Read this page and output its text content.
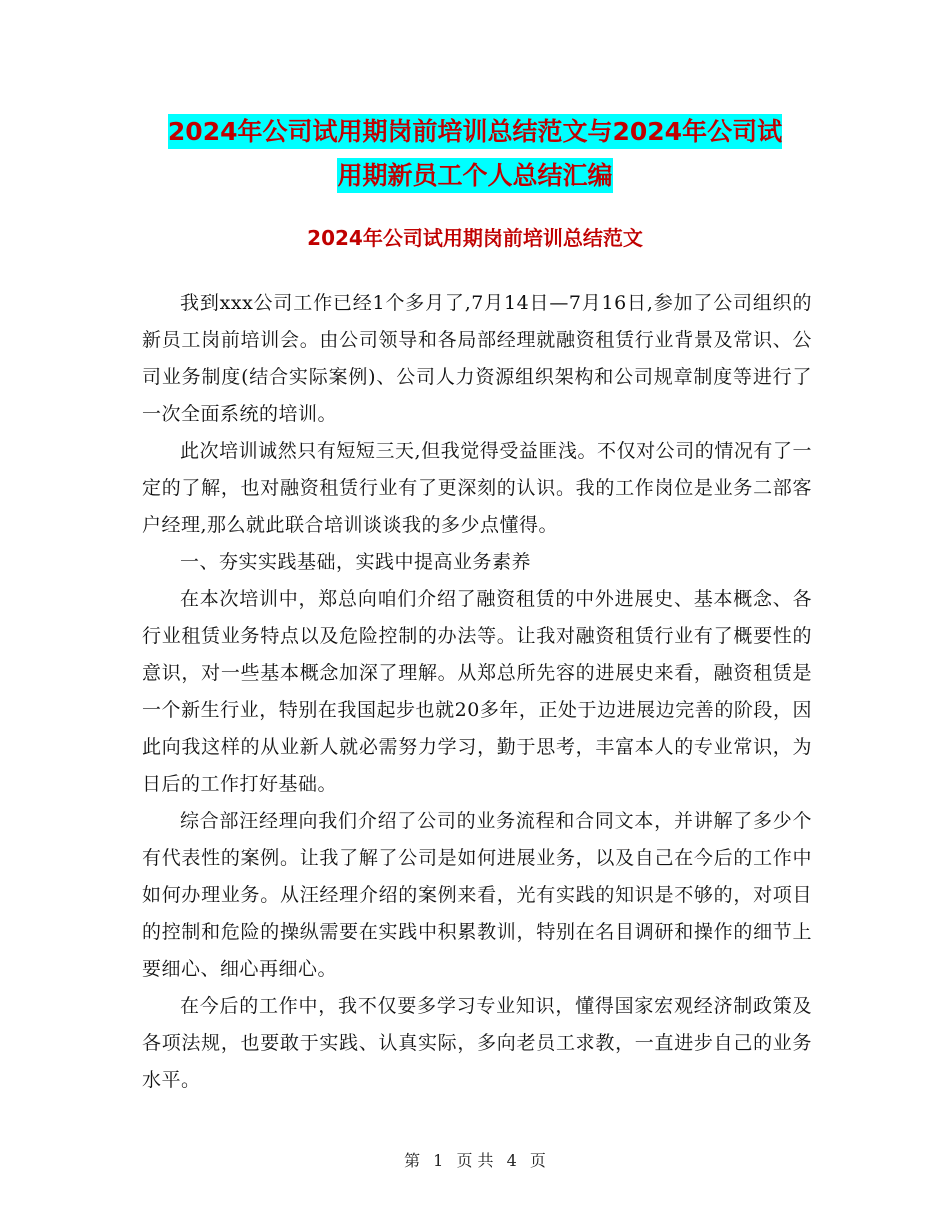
2024年公司试用期岗前培训总结范文与2024年公司试
用期新员工个人总结汇编
2024年公司试用期岗前培训总结范文

我到xxx公司工作已经1个多月了,7月14日—7月16日,参加了公司组织的新员工岗前培训会。由公司领导和各局部经理就融资租赁行业背景及常识、公司业务制度(结合实际案例)、公司人力资源组织架构和公司规章制度等进行了一次全面系统的培训。

此次培训诚然只有短短三天,但我觉得受益匪浅。不仅对公司的情况有了一定的了解，也对融资租赁行业有了更深刻的认识。我的工作岗位是业务二部客户经理,那么就此联合培训谈谈我的多少点懂得。

一、夯实实践基础，实践中提高业务素养

在本次培训中，郑总向咱们介绍了融资租赁的中外进展史、基本概念、各行业租赁业务特点以及危险控制的办法等。让我对融资租赁行业有了概要性的意识，对一些基本概念加深了理解。从郑总所先容的进展史来看，融资租赁是一个新生行业，特别在我国起步也就20多年，正处于边进展边完善的阶段，因此向我这样的从业新人就必需努力学习，勤于思考，丰富本人的专业常识，为日后的工作打好基础。

综合部汪经理向我们介绍了公司的业务流程和合同文本，并讲解了多少个有代表性的案例。让我了解了公司是如何进展业务，以及自己在今后的工作中如何办理业务。从汪经理介绍的案例来看，光有实践的知识是不够的，对项目的控制和危险的操纵需要在实践中积累教训，特别在名目调研和操作的细节上要细心、细心再细心。

在今后的工作中，我不仅要多学习专业知识，懂得国家宏观经济制政策及各项法规，也要敢于实践、认真实际，多向老员工求教，一直进步自己的业务水平。

第 1 页 共 4 页
